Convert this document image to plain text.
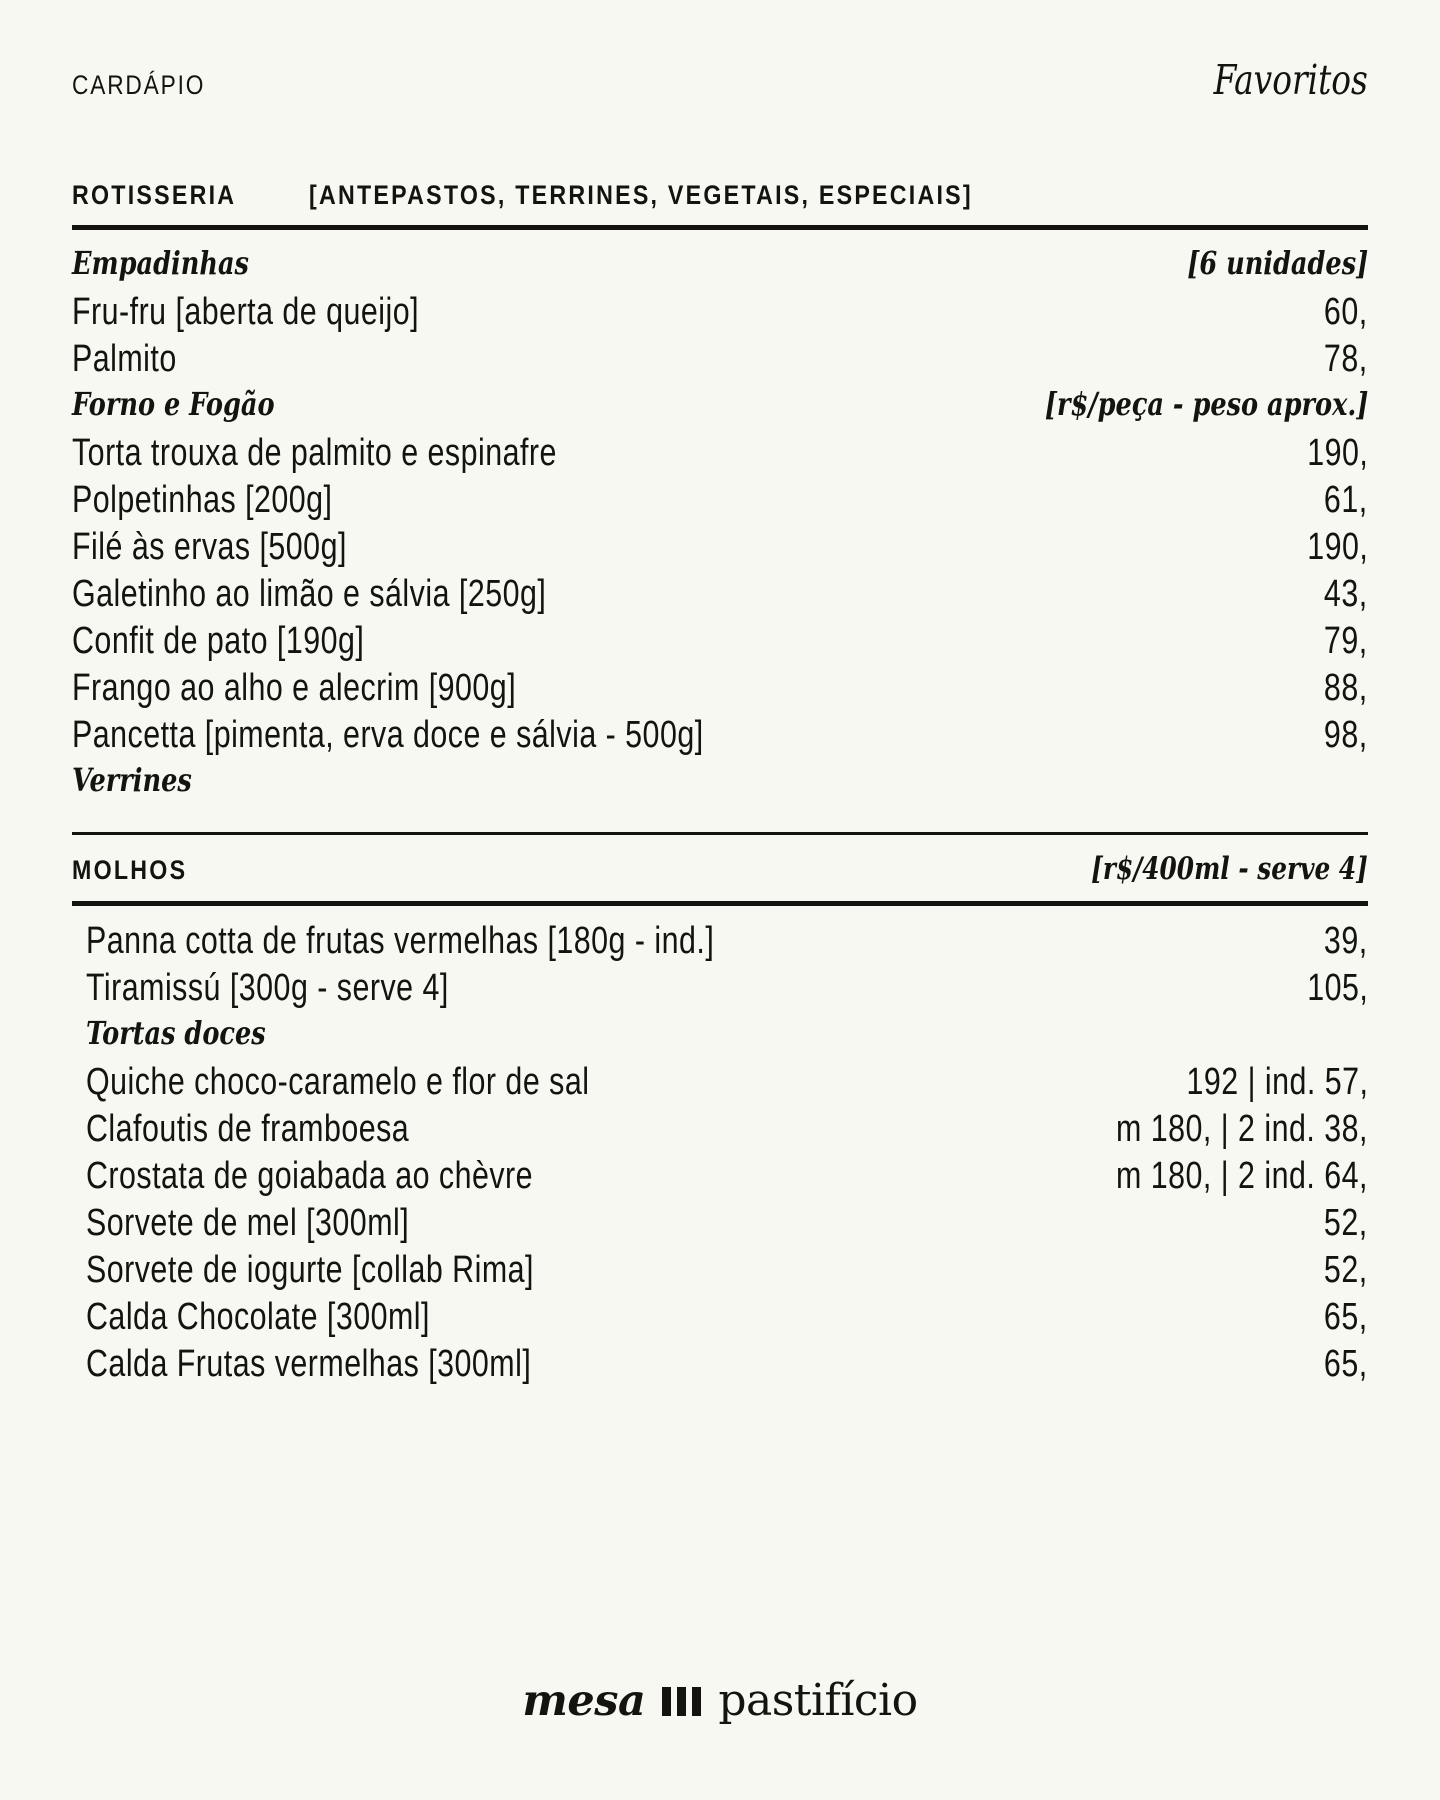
CARDÁPIO	Favoritos
ROTISSERIA	[ANTEPASTOS, TERRINES, VEGETAIS, ESPECIAIS]
Empadinhas	[6 unidades]
Fru-fru [aberta de queijo]	60,
Palmito	78,
Forno e Fogão	[r$/peça - peso aprox.]
Torta trouxa de palmito e espinafre	190,
Polpetinhas [200g]	61,
Filé às ervas [500g]	190,
Galetinho ao limão e sálvia [250g]	43,
Confit de pato [190g]	79,
Frango ao alho e alecrim [900g]	88,
Pancetta [pimenta, erva doce e sálvia - 500g]	98,
Verrines
MOLHOS	[r$/400ml - serve 4]
Panna cotta de frutas vermelhas [180g - ind.]	39,
Tiramissú [300g - serve 4]	105,
Tortas doces
Quiche choco-caramelo e flor de sal	192 | ind. 57,
Clafoutis de framboesa	m 180, | 2 ind. 38,
Crostata de goiabada ao chèvre	m 180, | 2 ind. 64,
Sorvete de mel [300ml]	52,
Sorvete de iogurte [collab Rima]	52,
Calda Chocolate [300ml]	65,
Calda Frutas vermelhas [300ml]	65,
mesa pastifício
